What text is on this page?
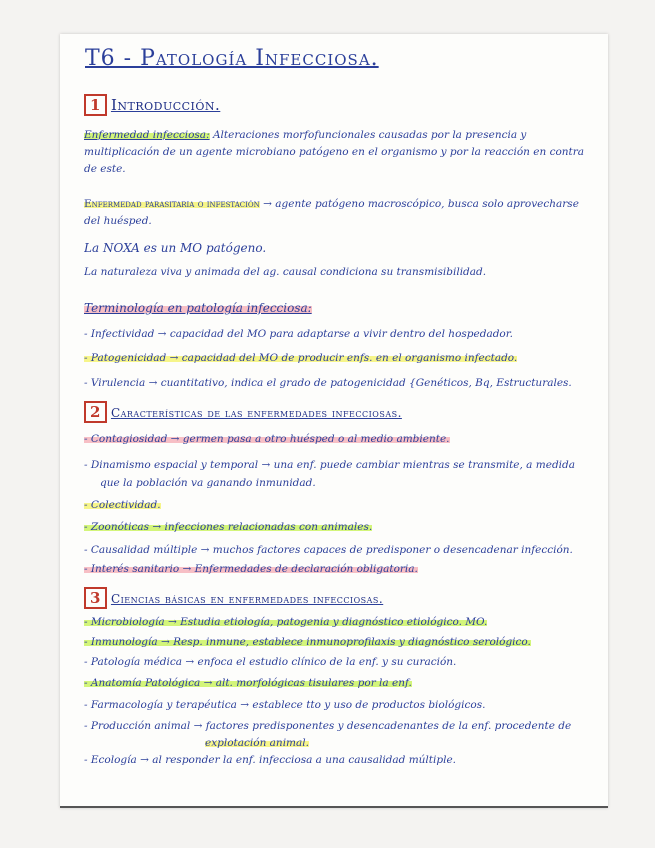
T6 - Patología Infecciosa.
1 Introducción.
Enfermedad infecciosa: Alteraciones morfofuncionales causadas por la presencia y multiplicación de un agente microbiano patógeno en el organismo y por la reacción en contra de este.
Enfermedad parasitaria o infestación → agente patógeno macroscópico, busca solo aprovecharse del huésped.
La NOXA es un MO patógeno.
La naturaleza viva y animada del ag. causal condiciona su transmisibilidad.
Terminología en patología infecciosa:
- Infectividad → capacidad del MO para adaptarse a vivir dentro del hospedador.
- Patogenicidad → capacidad del MO de producir enfs. en el organismo infectado.
- Virulencia → cuantitativo, indica el grado de patogenicidad {Genéticos, Bq, Estructurales.
2 Características de las enfermedades infecciosas.
- Contagiosidad → germen pasa a otro huésped o al medio ambiente.
- Dinamismo espacial y temporal → una enf. puede cambiar mientras se transmite, a medida
que la población va ganando inmunidad.
- Colectividad.
- Zoonóticas → infecciones relacionadas con animales.
- Causalidad múltiple → muchos factores capaces de predisponer o desencadenar infección.
- Interés sanitario → Enfermedades de declaración obligatoria.
3 Ciencias básicas en enfermedades infecciosas.
- Microbiología → Estudia etiología, patogenia y diagnóstico etiológico. MO.
- Inmunología → Resp. inmune, establece inmunoprofilaxis y diagnóstico serológico.
- Patología médica → enfoca el estudio clínico de la enf. y su curación.
- Anatomía Patológica → alt. morfológicas tisulares por la enf.
- Farmacología y terapéutica → establece tto y uso de productos biológicos.
- Producción animal → factores predisponentes y desencadenantes de la enf. procedente de
explotación animal.
- Ecología → al responder la enf. infecciosa a una causalidad múltiple.
